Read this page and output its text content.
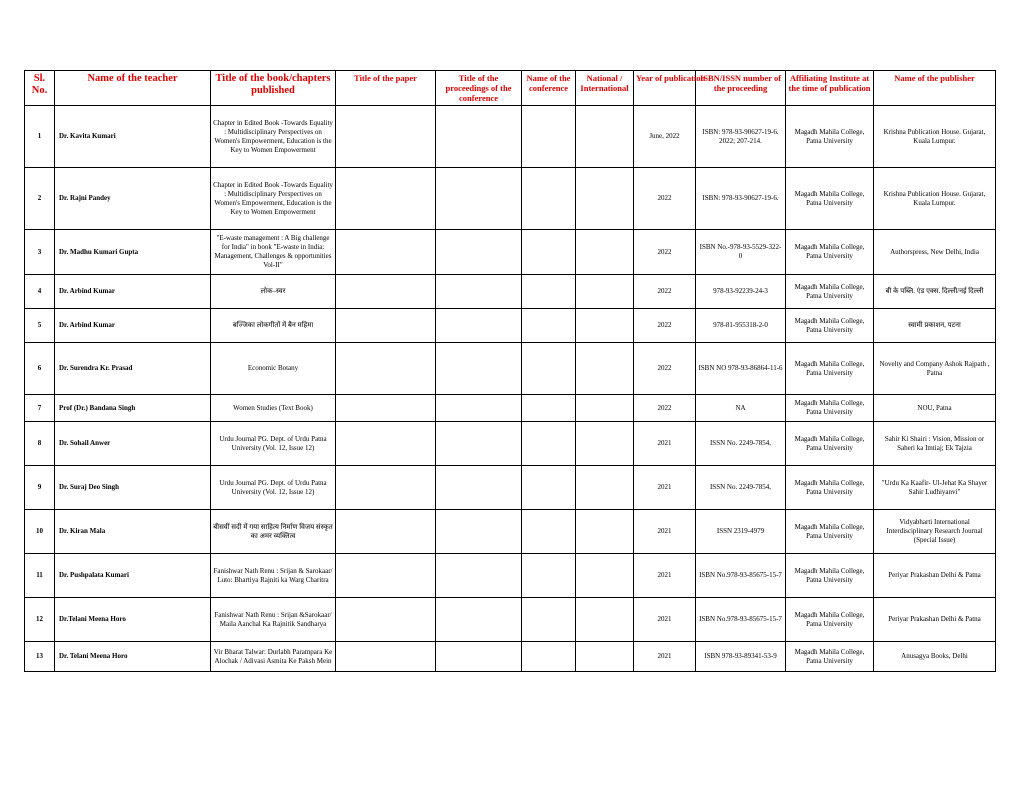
Sl. No.	Name of the teacher	Title of the book/chapters published	Title of the paper	Title of the proceedings of the conference	Name of the conference	National / International	Year of publication	ISBN/ISSN number of the proceeding	Affiliating Institute at the time of publication	Name of the publisher
1	Dr. Kavita Kumari	Chapter in Edited Book -Towards Equality : Multidisciplinary Perspectives on Women's Empowerment, Education is the Key to Women Empowerment					June, 2022	ISBN: 978-93-90627-19-6. 2022; 207-214.	Magadh Mahila College, Patna University	Krishna Publication House. Gujarat, Kuala Lumpur.
2	Dr. Rajni Pandey	Chapter in Edited Book -Towards Equality : Multidisciplinary Perspectives on Women's Empowerment, Education is the Key to Women Empowerment					2022	ISBN: 978-93-90627-19-6.	Magadh Mahila College, Patna University	Krishna Publication House. Gujarat, Kuala Lumpur.
3	Dr. Madhu Kumari Gupta	"E-waste management : A Big challenge for India" in book "E-waste in India: Management, Challenges & opportunities Vol-II"					2022	ISBN No.-978-93-5529-322-0	Magadh Mahila College, Patna University	Authorspress, New Delhi, India
4	Dr. Arbind Kumar	लोक–स्वर					2022	978-93-92239-24-3	Magadh Mahila College, Patna University	बी के पब्लि. एंड एक्स. दिल्ली/नई दिल्ली
5	Dr. Arbind Kumar	बज्जिका लोकगीतों में बैन महिमा					2022	978-81-955318-2-0	Magadh Mahila College, Patna University	स्वामी प्रकाशन, पटना
6	Dr. Surendra Kr. Prasad	Economic Botany					2022	ISBN NO 978-93-86864-11-6	Magadh Mahila College, Patna University	Novelty and Company Ashok Rajpath , Patna
7	Prof (Dr.) Bandana Singh	Women Studies (Text Book)					2022	NA	Magadh Mahila College, Patna University	NOU, Patna
8	Dr. Sohail Anwer	Urdu Journal PG. Dept. of Urdu Patna University (Vol. 12, Issue 12)					2021	ISSN No. 2249-7854,	Magadh Mahila College, Patna University	Sahir Ki Shairi : Vision, Mission or Saheri ka Imtiaj; Ek Tajzia
9	Dr. Suraj Deo Singh	Urdu Journal PG. Dept. of Urdu Patna University (Vol. 12, Issue 12)					2021	ISSN No. 2249-7854,	Magadh Mahila College, Patna University	"Urdu Ka Kaafir- Ul-Jehat Ka Shayer Sahir Ludhiyanvi"
10	Dr. Kiran Mala	बीसवीं सदी में गया साहित्य निर्माण विजय संस्कृत का अमर व्यक्तित्व					2021	ISSN 2319-4979	Magadh Mahila College, Patna University	Vidyabharti International Interdisciplinary Research Journal (Special Issue)
11	Dr. Pushpalata Kumari	Fanishwar Nath Renu : Srijan & Sarokaar/ Luto: Bhartiya Rajniti ka Warg Charitra					2021	ISBN No.978-93-85675-15-7	Magadh Mahila College, Patna University	Periyar Prakashan Delhi & Patna
12	Dr.Telani Meena Horo	Fanishwar Nath Renu : Srijan &Sarokaar/ Maila Aanchal Ka Rajnitik Sandharya					2021	ISBN No.978-93-85675-15-7	Magadh Mahila College, Patna University	Periyar Prakashan Delhi & Patna
13	Dr. Telani Meena Horo	Vir Bharat Talwar: Durlabh Parampara Ke Alochak / Adivasi Asmita Ke Paksh Mein					2021	ISBN 978-93-89341-53-9	Magadh Mahila College, Patna University	Anusagya Books, Delhi
